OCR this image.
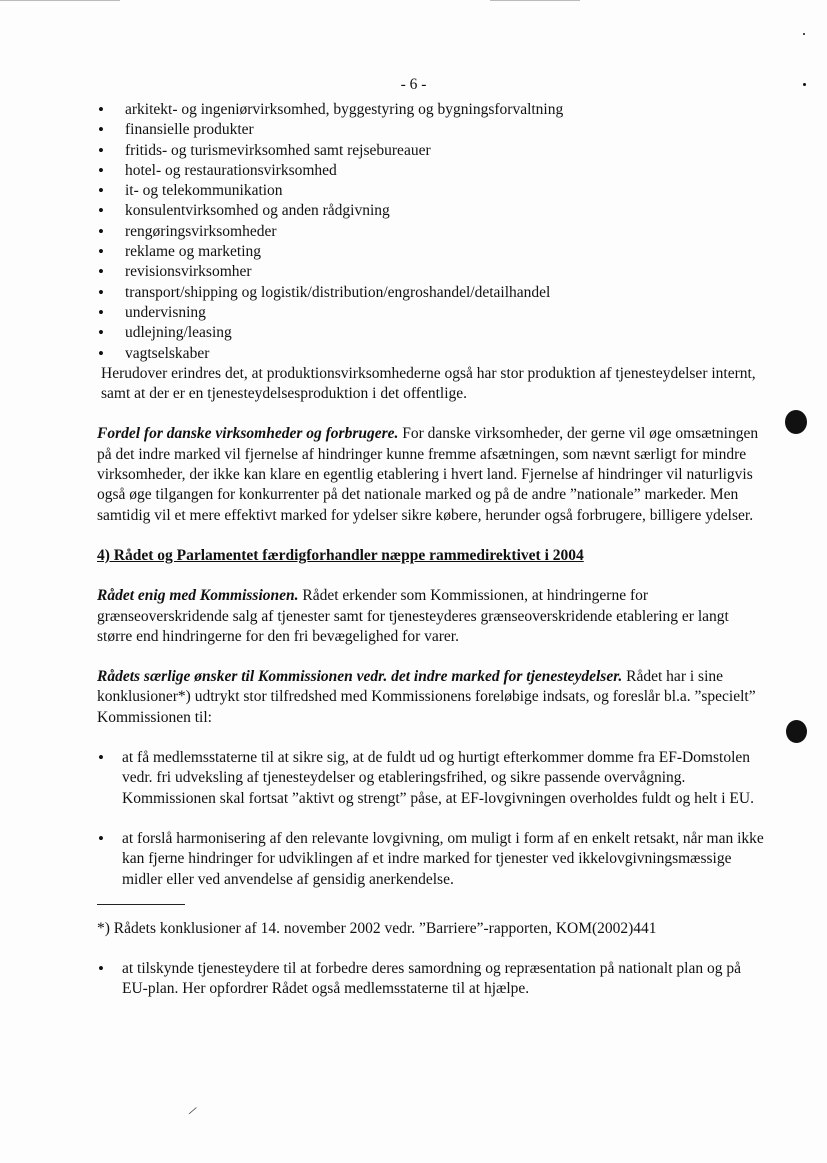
- 6 -
• arkitekt- og ingeniørvirksomhed, byggestyring og bygningsforvaltning
• finansielle produkter
• fritids- og turismevirksomhed samt rejsebureauer
• hotel- og restaurationsvirksomhed
• it- og telekommunikation
• konsulentvirksomhed og anden rådgivning
• rengøringsvirksomheder
• reklame og marketing
• revisionsvirksomher
• transport/shipping og logistik/distribution/engroshandel/detailhandel
• undervisning
• udlejning/leasing
• vagtselskaber

Herudover erindres det, at produktionsvirksomhederne også har stor produktion af tjenesteydelser internt, samt at der er en tjenesteydelsesproduktion i det offentlige.

Fordel for danske virksomheder og forbrugere. For danske virksomheder, der gerne vil øge omsætningen på det indre marked vil fjernelse af hindringer kunne fremme afsætningen, som nævnt særligt for mindre virksomheder, der ikke kan klare en egentlig etablering i hvert land. Fjernelse af hindringer vil naturligvis også øge tilgangen for konkurrenter på det nationale marked og på de andre ”nationale” markeder. Men samtidig vil et mere effektivt marked for ydelser sikre købere, herunder også forbrugere, billigere ydelser.

4) Rådet og Parlamentet færdigforhandler næppe rammedirektivet i 2004

Rådet enig med Kommissionen. Rådet erkender som Kommissionen, at hindringerne for grænseoverskridende salg af tjenester samt for tjenesteyderes grænseoverskridende etablering er langt større end hindringerne for den fri bevægelighed for varer.

Rådets særlige ønsker til Kommissionen vedr. det indre marked for tjenesteydelser. Rådet har i sine konklusioner*) udtrykt stor tilfredshed med Kommissionens foreløbige indsats, og foreslår bl.a. ”specielt” Kommissionen til:

• at få medlemsstaterne til at sikre sig, at de fuldt ud og hurtigt efterkommer domme fra EF-Domstolen vedr. fri udveksling af tjenesteydelser og etableringsfrihed, og sikre passende overvågning. Kommissionen skal fortsat ”aktivt og strengt” påse, at EF-lovgivningen overholdes fuldt og helt i EU.
• at forslå harmonisering af den relevante lovgivning, om muligt i form af en enkelt retsakt, når man ikke kan fjerne hindringer for udviklingen af et indre marked for tjenester ved ikkelovgivningsmæssige midler eller ved anvendelse af gensidig anerkendelse.

*) Rådets konklusioner af 14. november 2002 vedr. ”Barriere”-rapporten, KOM(2002)441

• at tilskynde tjenesteydere til at forbedre deres samordning og repræsentation på nationalt plan og på EU-plan. Her opfordrer Rådet også medlemsstaterne til at hjælpe.
/
